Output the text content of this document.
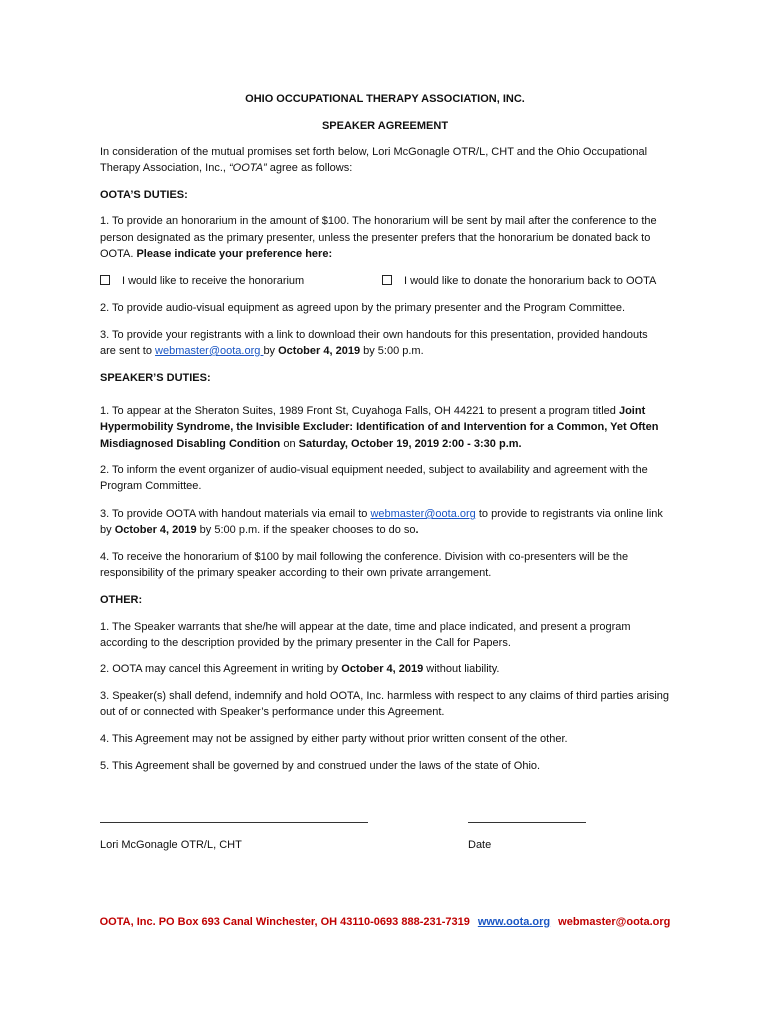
OHIO OCCUPATIONAL THERAPY ASSOCIATION, INC.
SPEAKER AGREEMENT
In consideration of the mutual promises set forth below, Lori McGonagle OTR/L, CHT and the Ohio Occupational
Therapy Association, Inc., “OOTA” agree as follows:
OOTA’S DUTIES:
1. To provide an honorarium in the amount of $100. The honorarium will be sent by mail after the conference to the
person designated as the primary presenter, unless the presenter prefers that the honorarium be donated back to
OOTA. Please indicate your preference here:
I would like to receive the honorarium	I would like to donate the honorarium back to OOTA
2. To provide audio-visual equipment as agreed upon by the primary presenter and the Program Committee.
3. To provide your registrants with a link to download their own handouts for this presentation, provided handouts
are sent to webmaster@oota.org by October 4, 2019 by 5:00 p.m.
SPEAKER’S DUTIES:
1. To appear at the Sheraton Suites, 1989 Front St, Cuyahoga Falls, OH 44221 to present a program titled Joint
Hypermobility Syndrome, the Invisible Excluder: Identification of and Intervention for a Common, Yet Often
Misdiagnosed Disabling Condition on Saturday, October 19, 2019 2:00 - 3:30 p.m.
2. To inform the event organizer of audio-visual equipment needed, subject to availability and agreement with the
Program Committee.
3. To provide OOTA with handout materials via email to webmaster@oota.org to provide to registrants via online link
by October 4, 2019 by 5:00 p.m. if the speaker chooses to do so.
4. To receive the honorarium of $100 by mail following the conference. Division with co-presenters will be the
responsibility of the primary speaker according to their own private arrangement.
OTHER:
1. The Speaker warrants that she/he will appear at the date, time and place indicated, and present a program
according to the description provided by the primary presenter in the Call for Papers.
2. OOTA may cancel this Agreement in writing by October 4, 2019 without liability.
3. Speaker(s) shall defend, indemnify and hold OOTA, Inc. harmless with respect to any claims of third parties arising
out of or connected with Speaker’s performance under this Agreement.
4. This Agreement may not be assigned by either party without prior written consent of the other.
5. This Agreement shall be governed by and construed under the laws of the state of Ohio.
Lori McGonagle OTR/L, CHT	Date
OOTA, Inc. PO Box 693 Canal Winchester, OH 43110-0693 888-231-7319 www.oota.org webmaster@oota.org
